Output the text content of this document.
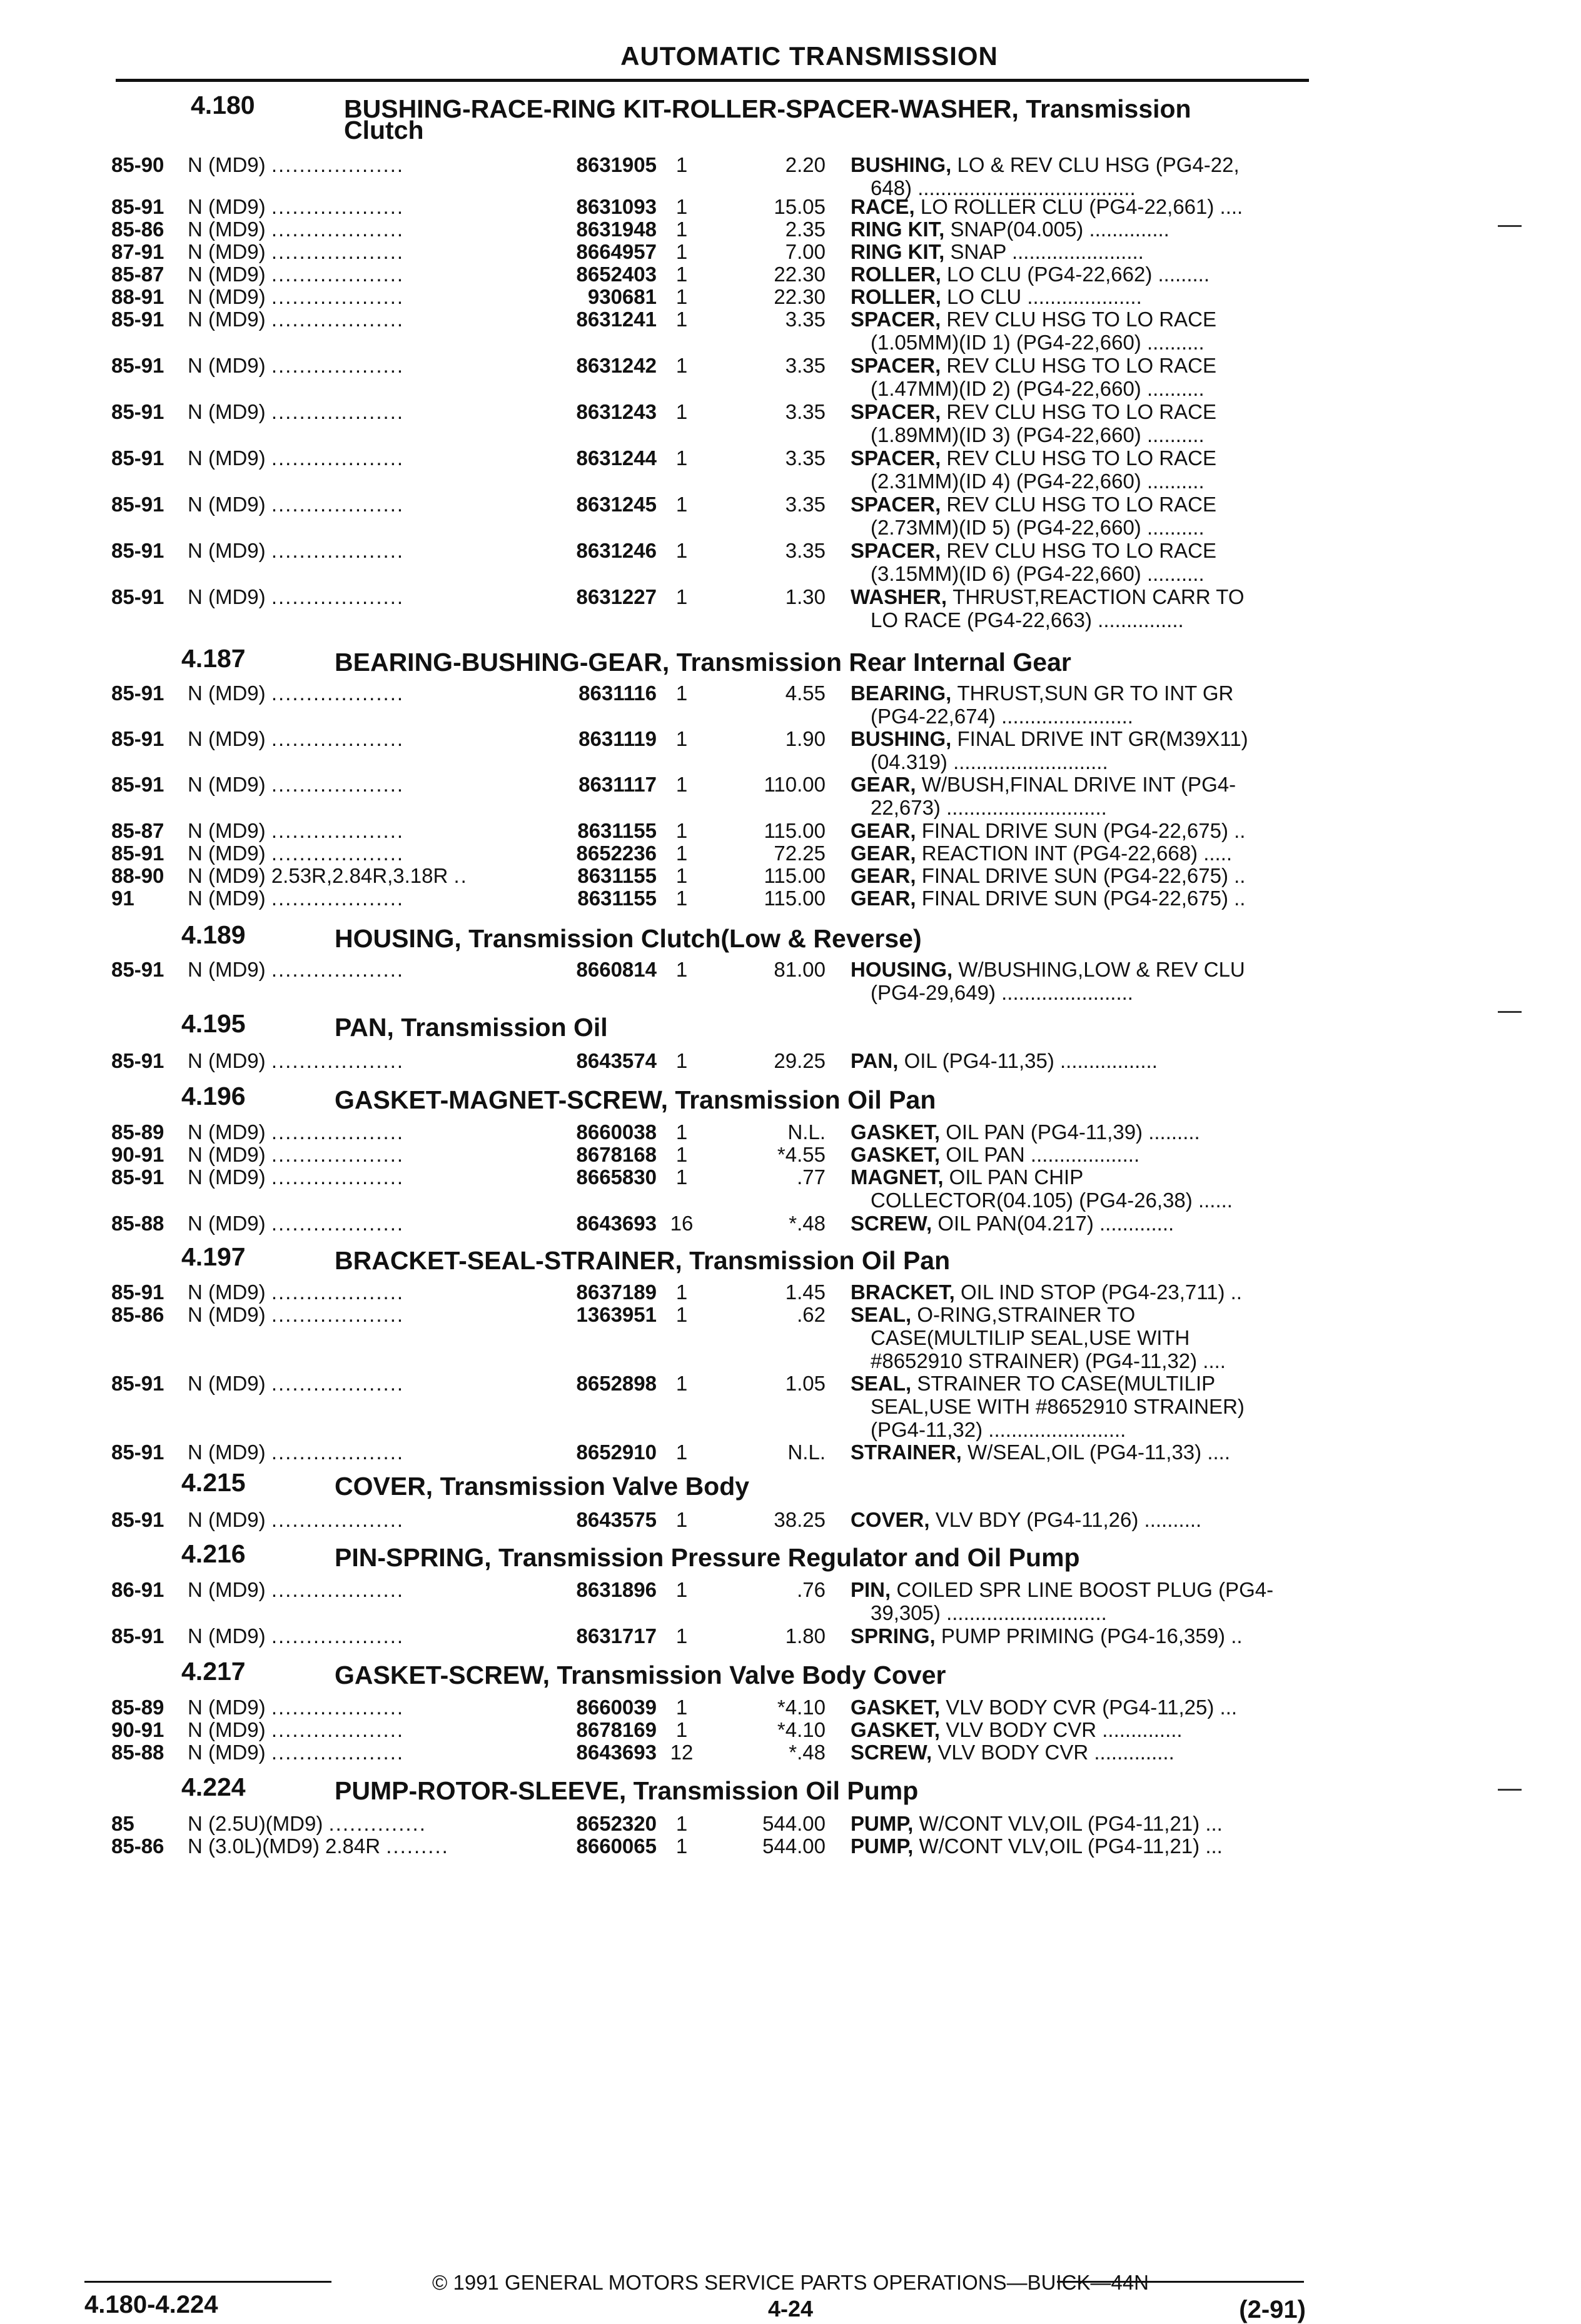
AUTOMATIC TRANSMISSION
4.180	BUSHING-RACE-RING KIT-ROLLER-SPACER-WASHER, Transmission
Clutch
85-90	N (MD9) ...................	8631905 1	2.20 BUSHING, LO & REV CLU HSG (PG4-22,
648) ......................................
85-91	N (MD9) ...................	8631093 1	15.05 RACE, LO ROLLER CLU (PG4-22,661) ....
85-86	N (MD9) ...................	8631948 1	2.35 RING KIT, SNAP(04.005) ..............
87-91	N (MD9) ...................	8664957 1	7.00 RING KIT, SNAP .......................
85-87	N (MD9) ...................	8652403 1	22.30 ROLLER, LO CLU (PG4-22,662) .........
88-91	N (MD9) ...................	930681 1	22.30 ROLLER, LO CLU ....................
85-91	N (MD9) ...................	8631241 1	3.35 SPACER, REV CLU HSG TO LO RACE
(1.05MM)(ID 1) (PG4-22,660) ..........
85-91	N (MD9) ...................	8631242 1	3.35 SPACER, REV CLU HSG TO LO RACE
(1.47MM)(ID 2) (PG4-22,660) ..........
85-91	N (MD9) ...................	8631243 1	3.35 SPACER, REV CLU HSG TO LO RACE
(1.89MM)(ID 3) (PG4-22,660) ..........
85-91	N (MD9) ...................	8631244 1	3.35 SPACER, REV CLU HSG TO LO RACE
(2.31MM)(ID 4) (PG4-22,660) ..........
85-91	N (MD9) ...................	8631245 1	3.35 SPACER, REV CLU HSG TO LO RACE
(2.73MM)(ID 5) (PG4-22,660) ..........
85-91	N (MD9) ...................	8631246 1	3.35 SPACER, REV CLU HSG TO LO RACE
(3.15MM)(ID 6) (PG4-22,660) ..........
85-91	N (MD9) ...................	8631227 1	1.30 WASHER, THRUST,REACTION CARR TO
LO RACE (PG4-22,663) ...............
4.187	BEARING-BUSHING-GEAR, Transmission Rear Internal Gear
85-91	N (MD9) ...................	8631116 1	4.55 BEARING, THRUST,SUN GR TO INT GR
(PG4-22,674) .......................
85-91	N (MD9) ...................	8631119 1	1.90 BUSHING, FINAL DRIVE INT GR(M39X11)
(04.319) ...........................
85-91	N (MD9) ...................	8631117 1	110.00 GEAR, W/BUSH,FINAL DRIVE INT (PG4-
22,673) ............................
85-87	N (MD9) ...................	8631155 1	115.00 GEAR, FINAL DRIVE SUN (PG4-22,675) ..
85-91	N (MD9) ...................	8652236 1	72.25 GEAR, REACTION INT (PG4-22,668) .....
88-90	N (MD9) 2.53R,2.84R,3.18R ..	8631155 1	115.00 GEAR, FINAL DRIVE SUN (PG4-22,675) ..
91	N (MD9) ...................	8631155 1	115.00 GEAR, FINAL DRIVE SUN (PG4-22,675) ..
4.189	HOUSING, Transmission Clutch(Low & Reverse)
85-91	N (MD9) ...................	8660814 1	81.00 HOUSING, W/BUSHING,LOW & REV CLU
(PG4-29,649) .......................
4.195	PAN, Transmission Oil
85-91	N (MD9) ...................	8643574 1	29.25 PAN, OIL (PG4-11,35) .................
4.196	GASKET-MAGNET-SCREW, Transmission Oil Pan
85-89	N (MD9) ...................	8660038 1	N.L. GASKET, OIL PAN (PG4-11,39) .........
90-91	N (MD9) ...................	8678168 1	*4.55 GASKET, OIL PAN ...................
85-91	N (MD9) ...................	8665830 1	.77 MAGNET, OIL PAN CHIP
COLLECTOR(04.105) (PG4-26,38) ......
85-88	N (MD9) ...................	8643693 16	*.48 SCREW, OIL PAN(04.217) .............
4.197	BRACKET-SEAL-STRAINER, Transmission Oil Pan
85-91	N (MD9) ...................	8637189 1	1.45 BRACKET, OIL IND STOP (PG4-23,711) ..
85-86	N (MD9) ...................	1363951 1	.62 SEAL, O-RING,STRAINER TO
CASE(MULTILIP SEAL,USE WITH
#8652910 STRAINER) (PG4-11,32) ....
85-91	N (MD9) ...................	8652898 1	1.05 SEAL, STRAINER TO CASE(MULTILIP
SEAL,USE WITH #8652910 STRAINER)
(PG4-11,32) ........................
85-91	N (MD9) ...................	8652910 1	N.L. STRAINER, W/SEAL,OIL (PG4-11,33) ....
4.215	COVER, Transmission Valve Body
85-91	N (MD9) ...................	8643575 1	38.25 COVER, VLV BDY (PG4-11,26) ..........
4.216	PIN-SPRING, Transmission Pressure Regulator and Oil Pump
86-91	N (MD9) ...................	8631896 1	.76 PIN, COILED SPR LINE BOOST PLUG (PG4-
39,305) ............................
85-91	N (MD9) ...................	8631717 1	1.80 SPRING, PUMP PRIMING (PG4-16,359) ..
4.217	GASKET-SCREW, Transmission Valve Body Cover
85-89	N (MD9) ...................	8660039 1	*4.10 GASKET, VLV BODY CVR (PG4-11,25) ...
90-91	N (MD9) ...................	8678169 1	*4.10 GASKET, VLV BODY CVR ..............
85-88	N (MD9) ...................	8643693 12	*.48 SCREW, VLV BODY CVR ..............
4.224	PUMP-ROTOR-SLEEVE, Transmission Oil Pump
85	N (2.5U)(MD9) ..............	8652320 1	544.00 PUMP, W/CONT VLV,OIL (PG4-11,21) ...
85-86	N (3.0L)(MD9) 2.84R .........	8660065 1	544.00 PUMP, W/CONT VLV,OIL (PG4-11,21) ...
© 1991 GENERAL MOTORS SERVICE PARTS OPERATIONS—BUICK—44N
4.180-4.224	4-24	(2-91)
